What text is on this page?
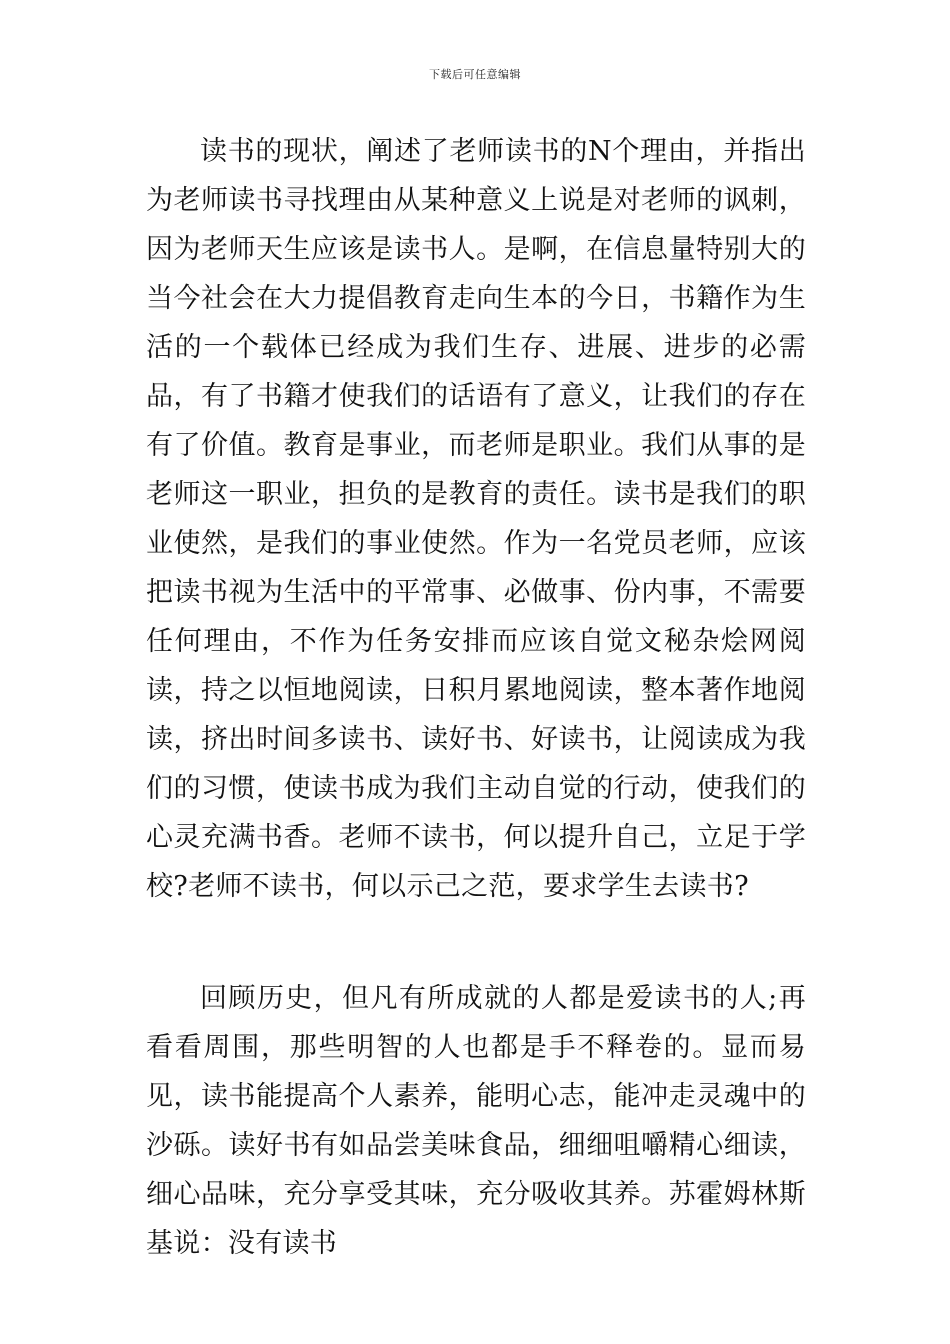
下载后可任意编辑

读书的现状，阐述了老师读书的N个理由，并指出为老师读书寻找理由从某种意义上说是对老师的讽刺，因为老师天生应该是读书人。是啊，在信息量特别大的当今社会在大力提倡教育走向生本的今日，书籍作为生活的一个载体已经成为我们生存、进展、进步的必需品，有了书籍才使我们的话语有了意义，让我们的存在有了价值。教育是事业，而老师是职业。我们从事的是老师这一职业，担负的是教育的责任。读书是我们的职业使然，是我们的事业使然。作为一名党员老师，应该把读书视为生活中的平常事、必做事、份内事，不需要任何理由，不作为任务安排而应该自觉文秘杂烩网阅读，持之以恒地阅读，日积月累地阅读，整本著作地阅读，挤出时间多读书、读好书、好读书，让阅读成为我们的习惯，使读书成为我们主动自觉的行动，使我们的心灵充满书香。老师不读书，何以提升自己，立足于学校?老师不读书，何以示己之范，要求学生去读书?

回顾历史，但凡有所成就的人都是爱读书的人;再看看周围，那些明智的人也都是手不释卷的。显而易见，读书能提高个人素养，能明心志，能冲走灵魂中的沙砾。读好书有如品尝美味食品，细细咀嚼精心细读，细心品味，充分享受其味，充分吸收其养。苏霍姆林斯基说：没有读书
